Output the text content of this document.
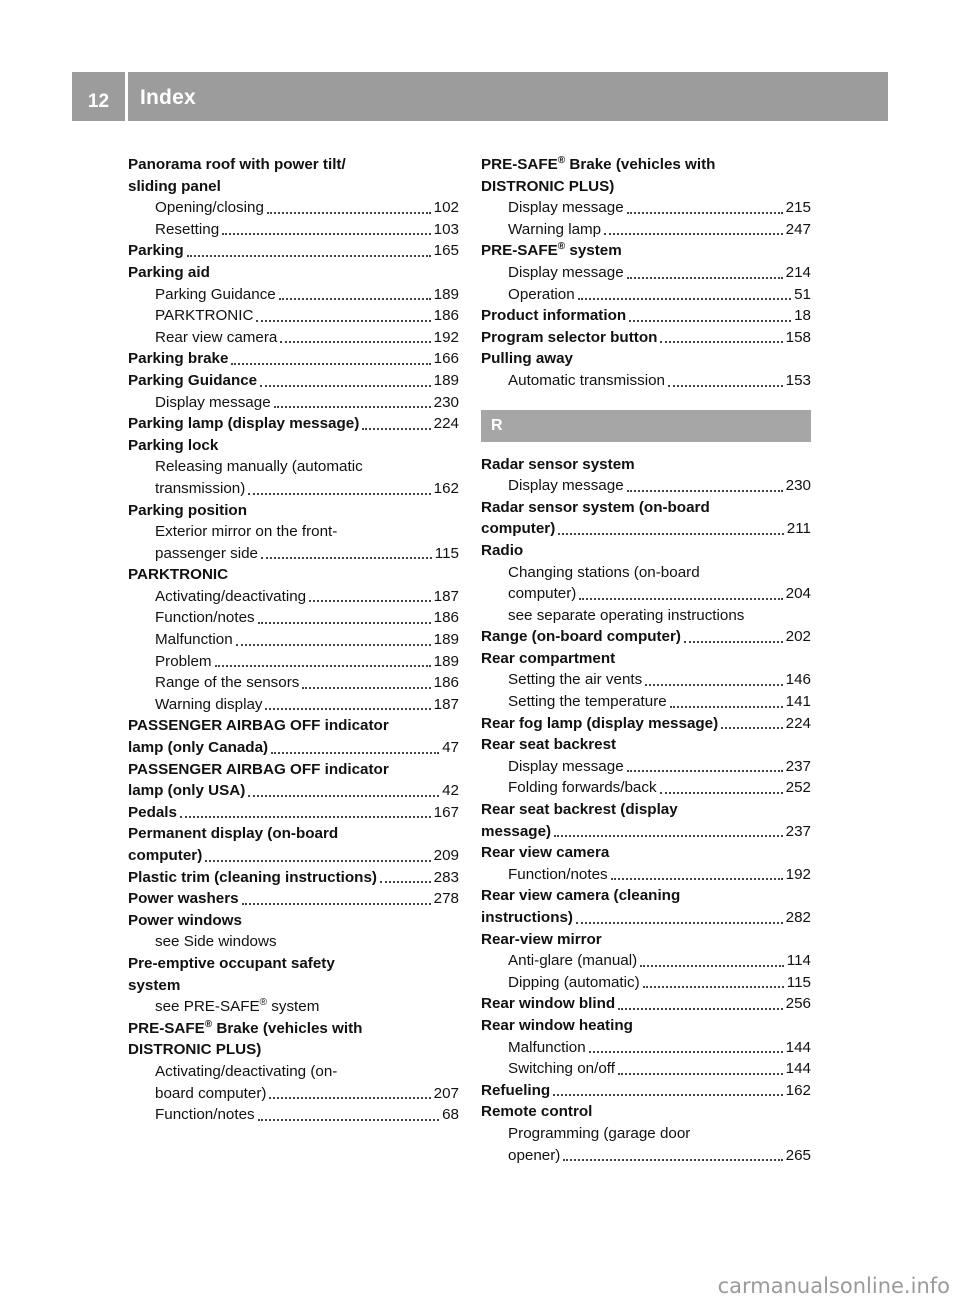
12	Index
Panorama roof with power tilt/
sliding panel
Opening/closing	102
Resetting	103
Parking	165
Parking aid
Parking Guidance	189
PARKTRONIC	186
Rear view camera	192
Parking brake	166
Parking Guidance	189
Display message	230
Parking lamp (display message)	224
Parking lock
Releasing manually (automatic
transmission)	162
Parking position
Exterior mirror on the front-
passenger side	115
PARKTRONIC
Activating/deactivating	187
Function/notes	186
Malfunction	189
Problem	189
Range of the sensors	186
Warning display	187
PASSENGER AIRBAG OFF indicator
lamp (only Canada)	47
PASSENGER AIRBAG OFF indicator
lamp (only USA)	42
Pedals	167
Permanent display (on-board
computer)	209
Plastic trim (cleaning instructions)	283
Power washers	278
Power windows
see Side windows
Pre-emptive occupant safety
system
see PRE-SAFE® system
PRE-SAFE® Brake (vehicles with
DISTRONIC PLUS)
Activating/deactivating (on-
board computer)	207
Function/notes	68
PRE-SAFE® Brake (vehicles with
DISTRONIC PLUS)
Display message	215
Warning lamp	247
PRE-SAFE® system
Display message	214
Operation	51
Product information	18
Program selector button	158
Pulling away
Automatic transmission	153
R
Radar sensor system
Display message	230
Radar sensor system (on-board
computer)	211
Radio
Changing stations (on-board
computer)	204
see separate operating instructions
Range (on-board computer)	202
Rear compartment
Setting the air vents	146
Setting the temperature	141
Rear fog lamp (display message)	224
Rear seat backrest
Display message	237
Folding forwards/back	252
Rear seat backrest (display
message)	237
Rear view camera
Function/notes	192
Rear view camera (cleaning
instructions)	282
Rear-view mirror
Anti-glare (manual)	114
Dipping (automatic)	115
Rear window blind	256
Rear window heating
Malfunction	144
Switching on/off	144
Refueling	162
Remote control
Programming (garage door
opener)	265
carmanualsonline.info
